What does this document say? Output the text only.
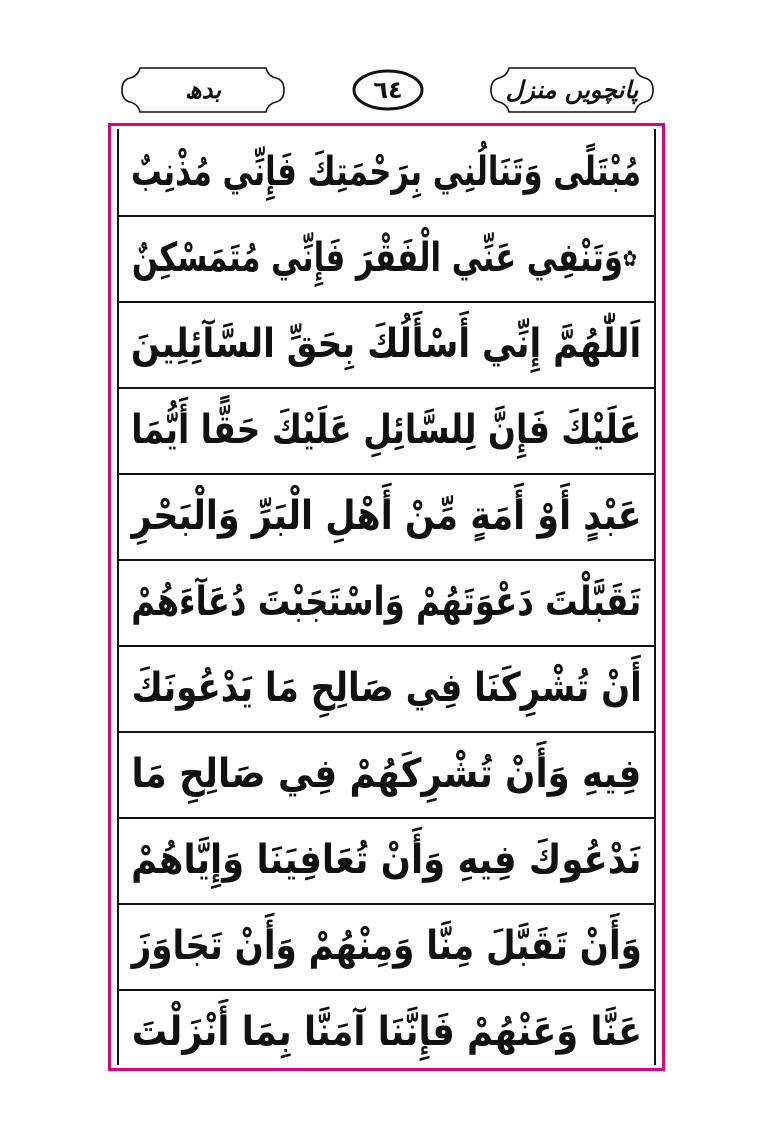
بدھ	٦٤	پانچویں منزل
مُبْتَلًى وَتَنَالُنِي بِرَحْمَتِكَ فَإِنِّي مُذْنِبٌ
✿وَتَنْفِي عَنِّي الْفَقْرَ فَإِنِّي مُتَمَسْكِنٌ
اَللّٰهُمَّ إِنِّي أَسْأَلُكَ بِحَقِّ السَّآئِلِينَ
عَلَيْكَ فَإِنَّ لِلسَّائِلِ عَلَيْكَ حَقًّا أَيُّمَا
عَبْدٍ أَوْ أَمَةٍ مِّنْ أَهْلِ الْبَرِّ وَالْبَحْرِ
تَقَبَّلْتَ دَعْوَتَهُمْ وَاسْتَجَبْتَ دُعَآءَهُمْ
أَنْ تُشْرِكَنَا فِي صَالِحِ مَا يَدْعُونَكَ
فِيهِ وَأَنْ تُشْرِكَهُمْ فِي صَالِحِ مَا
نَدْعُوكَ فِيهِ وَأَنْ تُعَافِيَنَا وَإِيَّاهُمْ
وَأَنْ تَقَبَّلَ مِنَّا وَمِنْهُمْ وَأَنْ تَجَاوَزَ
عَنَّا وَعَنْهُمْ فَإِنَّنَا آمَنَّا بِمَا أَنْزَلْتَ
